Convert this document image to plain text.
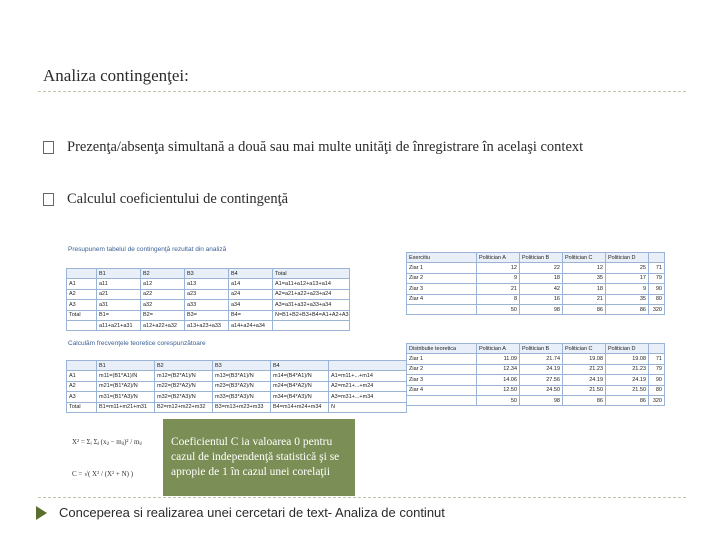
Analiza contingenţei:
Prezenţa/absenţa simultană a două sau mai multe unităţi de înregistrare în acelaşi context
Calculul coeficientului de contingenţă
Presupunem tabelul de contingenţă rezultat din analiză
	B1	B2	B3	B4	Total
A1	a11	a12	a13	a14	A1=a11+a12+a13+a14
A2	a21	a22	a23	a24	A2=a21+a22+a23+a24
A3	a31	a32	a33	a34	A3=a31+a32+a33+a34
Total	B1=	B2=	B3=	B4=	N=B1+B2+B3+B4=A1+A2+A3
	a11+a21+a31	a12+a22+a32	a13+a23+a33	a14+a24+a34	
Calculăm frecvenţele teoretice corespunzătoare
	B1	B2	B3	B4	
A1	m11=(B1*A1)/N	m12=(B2*A1)/N	m13=(B3*A1)/N	m14=(B4*A1)/N	A1=m11+...+m14
A2	m21=(B1*A2)/N	m22=(B2*A2)/N	m23=(B3*A2)/N	m24=(B4*A2)/N	A2=m21+...+m24
A3	m31=(B1*A3)/N	m32=(B2*A3)/N	m33=(B3*A3)/N	m34=(B4*A3)/N	A3=m31+...+m34
Total	B1=m11+m21+m31	B2=m12+m22+m32	B3=m13+m23+m33	B4=m14+m24+m34	N
Exercitiu	Politician A	Politician B	Politician C	Politician D	
Ziar 1	12	22	12	25	71
Ziar 2	9	18	35	17	79
Ziar 3	21	42	18	9	90
Ziar 4	8	16	21	35	80
	50	98	86	86	320
Distributie teoretica	Politician A	Politician B	Politician C	Politician D	
Ziar 1	11.09	21.74	19.08	19.08	71
Ziar 2	12.34	24.19	21.23	21.23	79
Ziar 3	14.06	27.56	24.19	24.19	90
Ziar 4	12.50	24.50	21.50	21.50	80
	50	98	86	86	320
X² = Σᵢ Σⱼ (xᵢⱼ − mᵢⱼ)² / mᵢⱼ
C = √( X² / (X² + N) )
Coeficientul C ia valoarea 0 pentru cazul de independenţă statistică şi se apropie de 1 în cazul unei corelaţii
Conceperea si realizarea unei cercetari de text- Analiza de continut
